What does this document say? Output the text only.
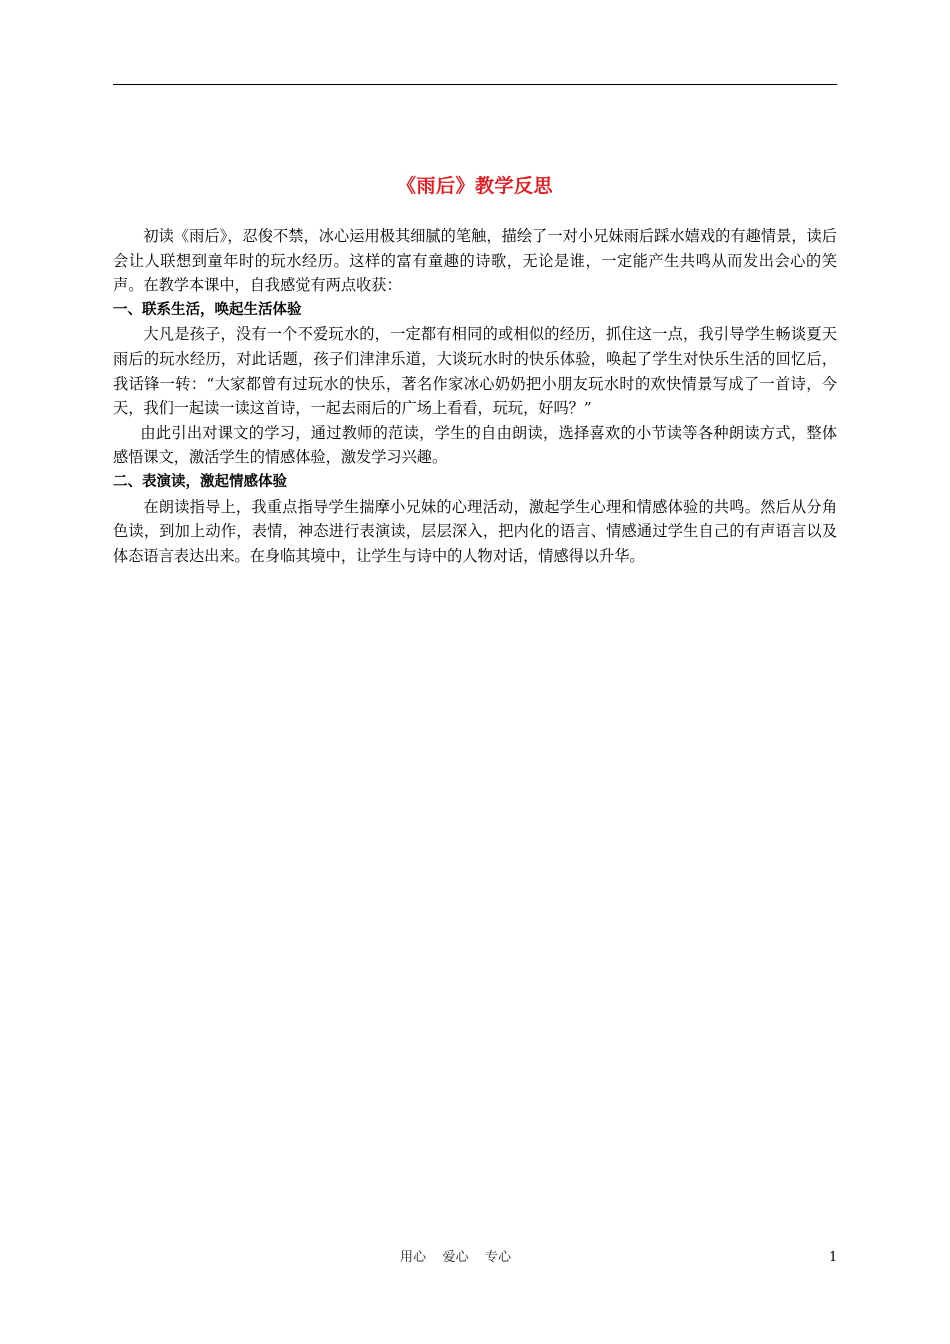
《雨后》教学反思

初读《雨后》，忍俊不禁，冰心运用极其细腻的笔触，描绘了一对小兄妹雨后踩水嬉戏的有趣情景，读后会让人联想到童年时的玩水经历。这样的富有童趣的诗歌，无论是谁，一定能产生共鸣从而发出会心的笑声。在教学本课中，自我感觉有两点收获：

一、联系生活，唤起生活体验

大凡是孩子，没有一个不爱玩水的，一定都有相同的或相似的经历，抓住这一点，我引导学生畅谈夏天雨后的玩水经历，对此话题，孩子们津津乐道，大谈玩水时的快乐体验，唤起了学生对快乐生活的回忆后，我话锋一转：“大家都曾有过玩水的快乐，著名作家冰心奶奶把小朋友玩水时的欢快情景写成了一首诗，今天，我们一起读一读这首诗，一起去雨后的广场上看看，玩玩，好吗？”

由此引出对课文的学习，通过教师的范读，学生的自由朗读，选择喜欢的小节读等各种朗读方式，整体感悟课文，激活学生的情感体验，激发学习兴趣。

二、表演读，激起情感体验

在朗读指导上，我重点指导学生揣摩小兄妹的心理活动，激起学生心理和情感体验的共鸣。然后从分角色读，到加上动作，表情，神态进行表演读，层层深入，把内化的语言、情感通过学生自己的有声语言以及体态语言表达出来。在身临其境中，让学生与诗中的人物对话，情感得以升华。

用心    爱心    专心	1
